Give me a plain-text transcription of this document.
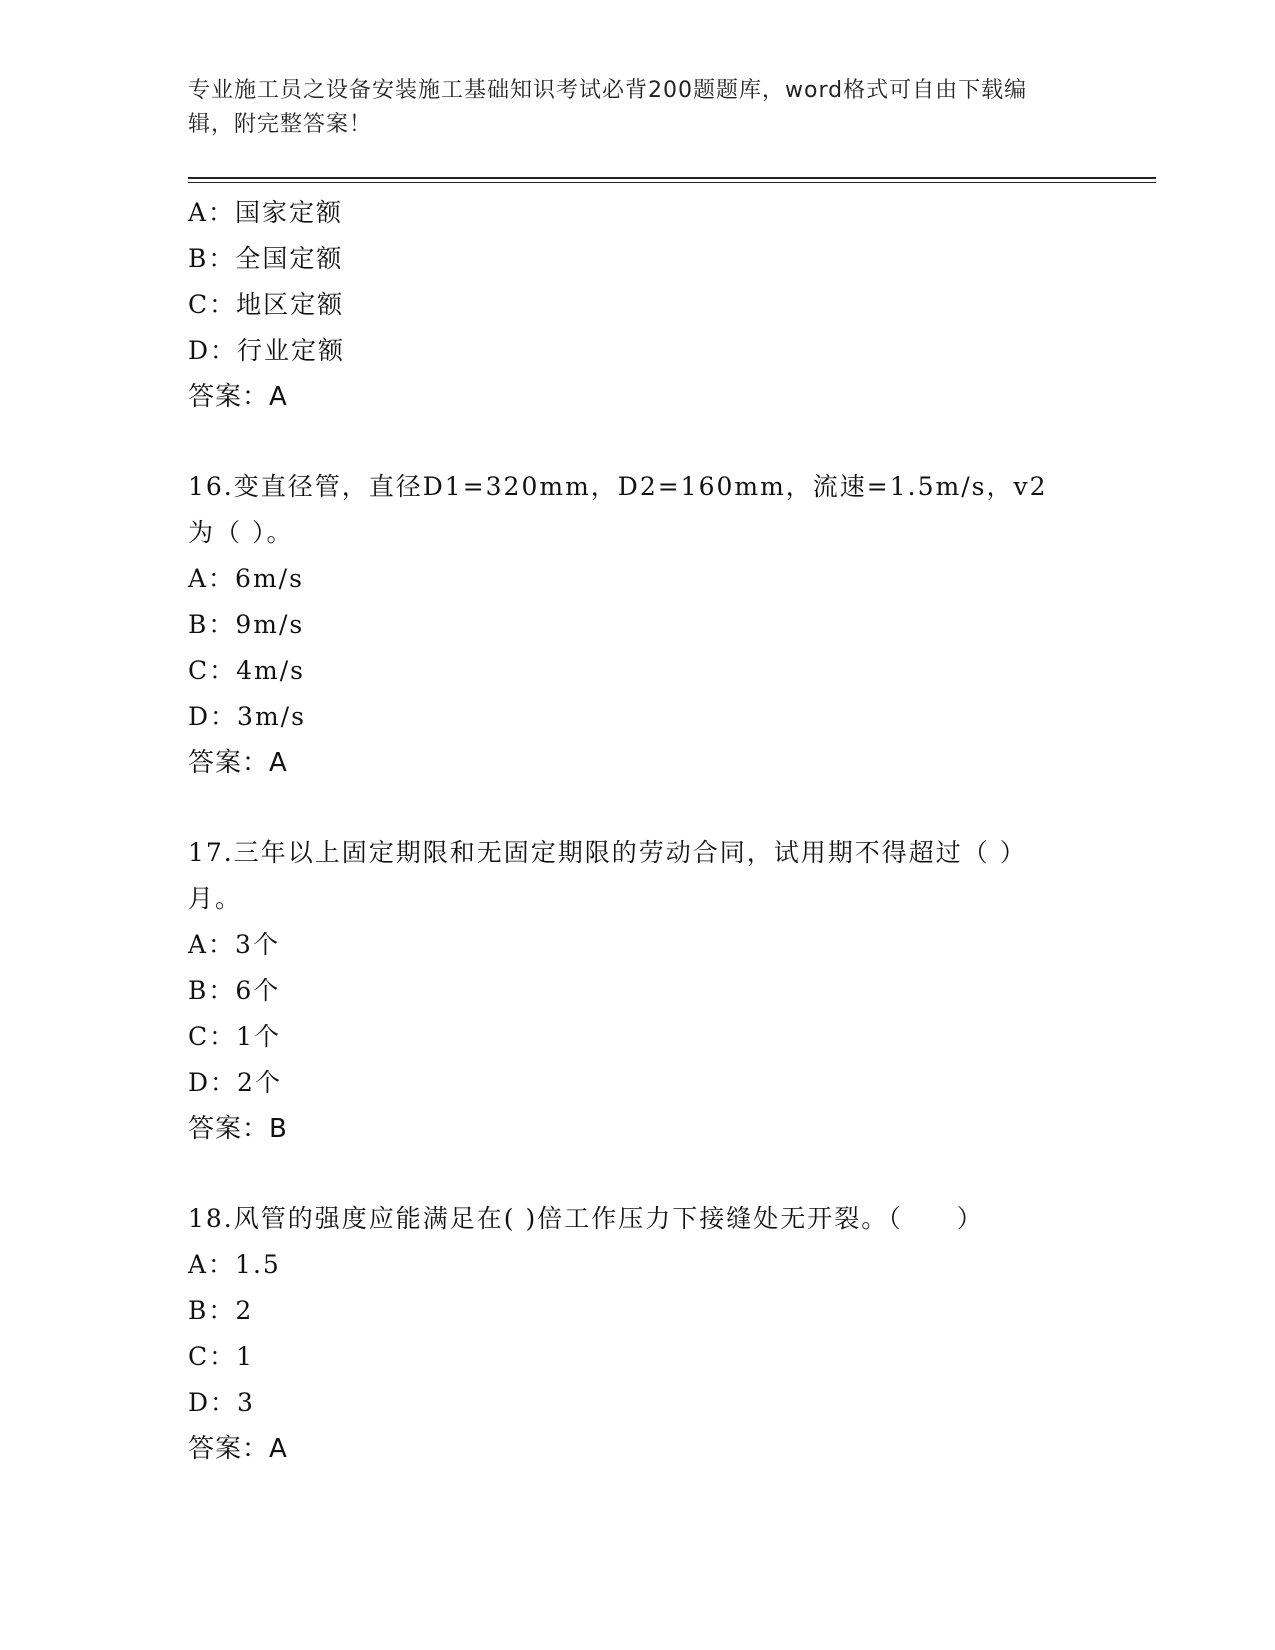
专业施工员之设备安装施工基础知识考试必背200题题库，word格式可自由下载编辑，附完整答案！
A：国家定额
B：全国定额
C：地区定额
D：行业定额
答案：A
16.变直径管，直径D1=320mm，D2=160mm，流速=1.5m/s，v2为（ ）。
A：6m/s
B：9m/s
C：4m/s
D：3m/s
答案：A
17.三年以上固定期限和无固定期限的劳动合同，试用期不得超过（ ）月。
A：3个
B：6个
C：1个
D：2个
答案：B
18.风管的强度应能满足在( )倍工作压力下接缝处无开裂。（　　）
A：1.5
B：2
C：1
D：3
答案：A
